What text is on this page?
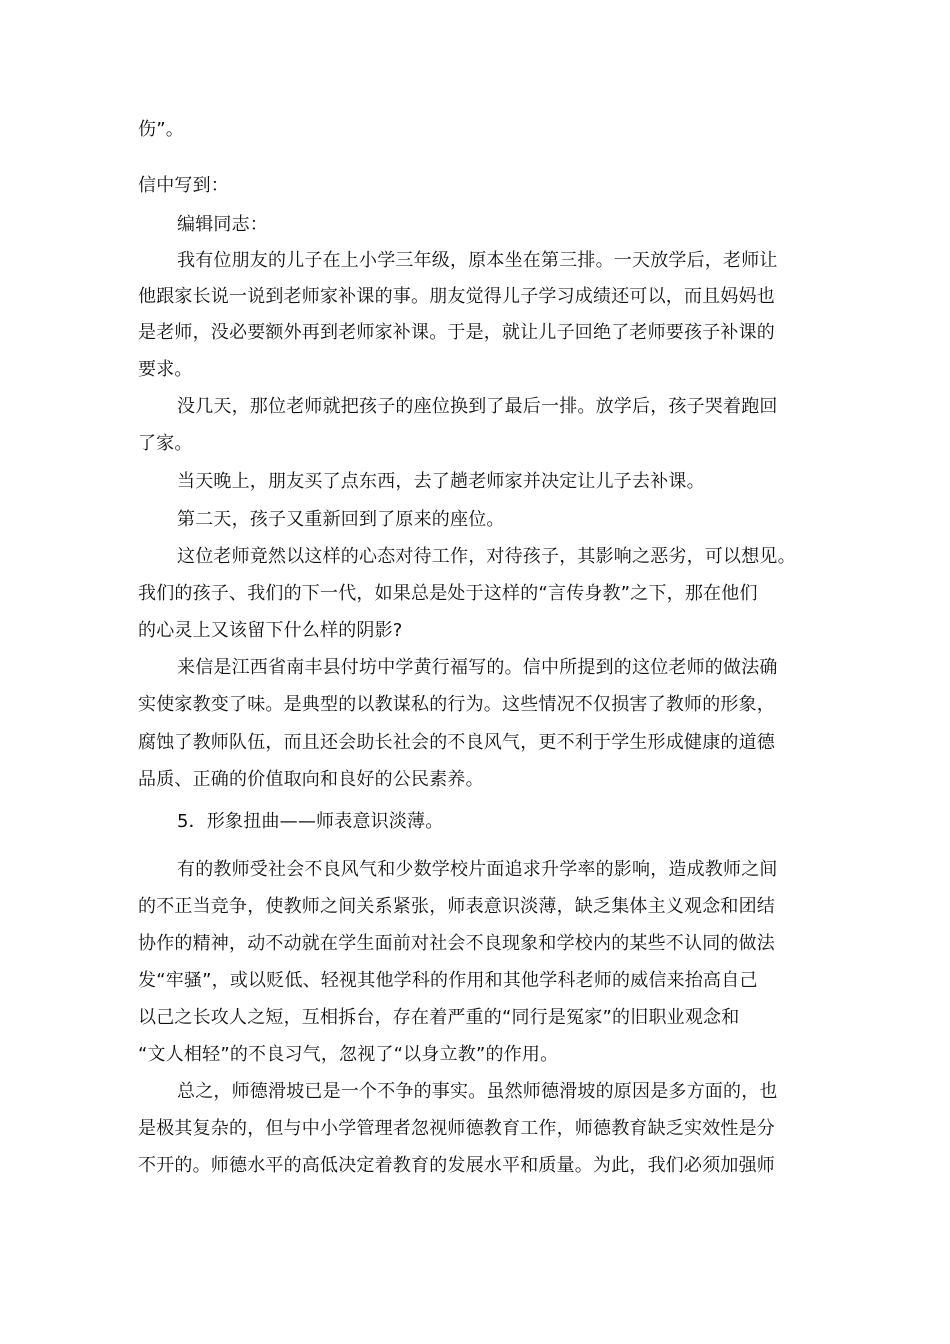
伤”。
信中写到：
编辑同志：
我有位朋友的儿子在上小学三年级，原本坐在第三排。一天放学后，老师让
他跟家长说一说到老师家补课的事。朋友觉得儿子学习成绩还可以，而且妈妈也
是老师，没必要额外再到老师家补课。于是，就让儿子回绝了老师要孩子补课的
要求。
没几天，那位老师就把孩子的座位换到了最后一排。放学后，孩子哭着跑回
了家。
当天晚上，朋友买了点东西，去了趟老师家并决定让儿子去补课。
第二天，孩子又重新回到了原来的座位。
这位老师竟然以这样的心态对待工作，对待孩子，其影响之恶劣，可以想见。
我们的孩子、我们的下一代，如果总是处于这样的“言传身教”之下，那在他们
的心灵上又该留下什么样的阴影?
来信是江西省南丰县付坊中学黄行福写的。信中所提到的这位老师的做法确
实使家教变了味。是典型的以教谋私的行为。这些情况不仅损害了教师的形象，
腐蚀了教师队伍，而且还会助长社会的不良风气，更不利于学生形成健康的道德
品质、正确的价值取向和良好的公民素养。
5．形象扭曲——师表意识淡薄。
有的教师受社会不良风气和少数学校片面追求升学率的影响，造成教师之间
的不正当竞争，使教师之间关系紧张，师表意识淡薄，缺乏集体主义观念和团结
协作的精神，动不动就在学生面前对社会不良现象和学校内的某些不认同的做法
发“牢骚”，或以贬低、轻视其他学科的作用和其他学科老师的威信来抬高自己
以己之长攻人之短，互相拆台，存在着严重的“同行是冤家”的旧职业观念和
“文人相轻”的不良习气，忽视了“以身立教”的作用。
总之，师德滑坡已是一个不争的事实。虽然师德滑坡的原因是多方面的，也
是极其复杂的，但与中小学管理者忽视师德教育工作，师德教育缺乏实效性是分
不开的。师德水平的高低决定着教育的发展水平和质量。为此，我们必须加强师
